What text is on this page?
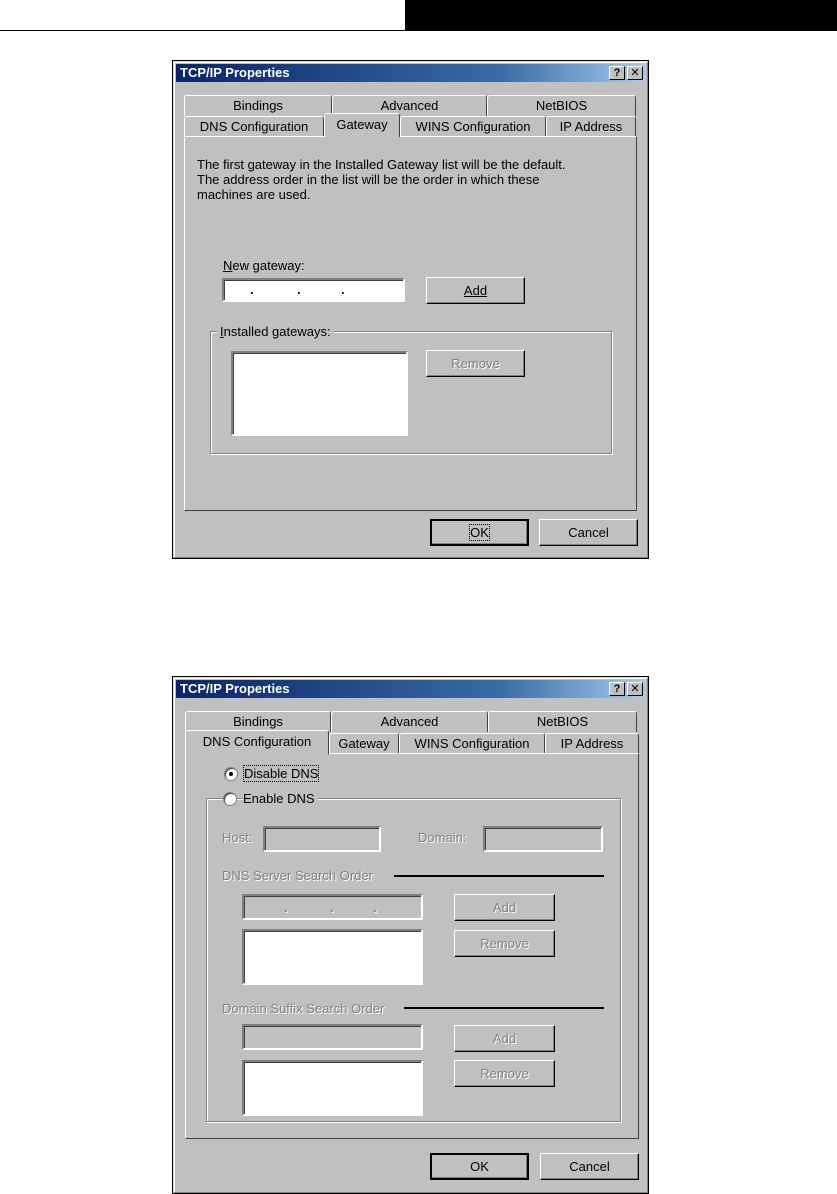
TCP/IP Properties	? ✕
Bindings	Advanced	NetBIOS
DNS Configuration	Gateway	WINS Configuration	IP Address
The first gateway in the Installed Gateway list will be the default.
The address order in the list will be the order in which these
machines are used.
New gateway:
.	.	.	Add
Installed gateways:
Remove
OK	Cancel
TCP/IP Properties	? ✕
Bindings	Advanced	NetBIOS
DNS Configuration	Gateway	WINS Configuration	IP Address
Disable DNS
Enable DNS
Host:	Domain:
DNS Server Search Order
.	.	.	Add
Remove
Domain Suffix Search Order
Add
Remove
OK	Cancel
